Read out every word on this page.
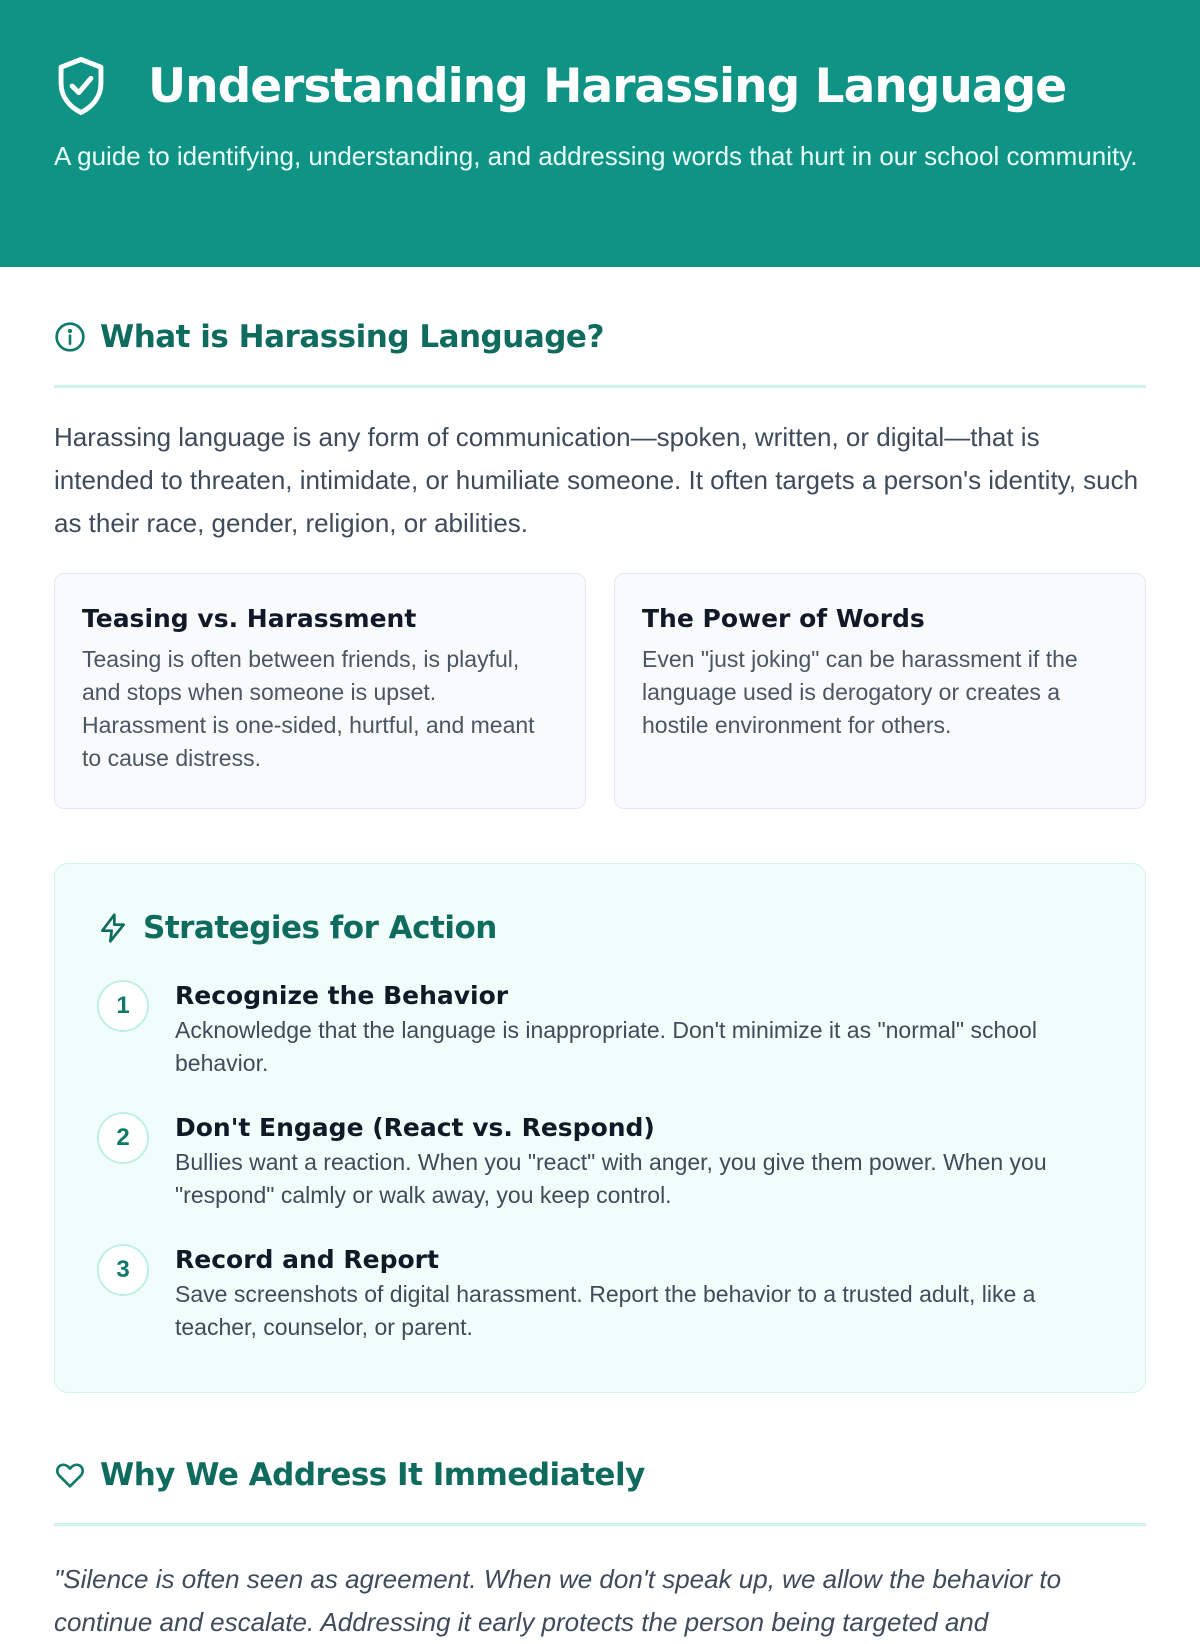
Understanding Harassing Language

A guide to identifying, understanding, and addressing words that hurt in our school community.

What is Harassing Language?

Harassing language is any form of communication—spoken, written, or digital—that is intended to threaten, intimidate, or humiliate someone. It often targets a person's identity, such as their race, gender, religion, or abilities.

Teasing vs. Harassment

Teasing is often between friends, is playful, and stops when someone is upset. Harassment is one-sided, hurtful, and meant to cause distress.

The Power of Words

Even "just joking" can be harassment if the language used is derogatory or creates a hostile environment for others.

Strategies for Action
1	Recognize the Behavior
Acknowledge that the language is inappropriate. Don't minimize it as "normal" school behavior.
2	Don't Engage (React vs. Respond)
Bullies want a reaction. When you "react" with anger, you give them power. When you "respond" calmly or walk away, you keep control.
3	Record and Report
Save screenshots of digital harassment. Report the behavior to a trusted adult, like a teacher, counselor, or parent.
Why We Address It Immediately

"Silence is often seen as agreement. When we don't speak up, we allow the behavior to continue and escalate. Addressing it early protects the person being targeted and
